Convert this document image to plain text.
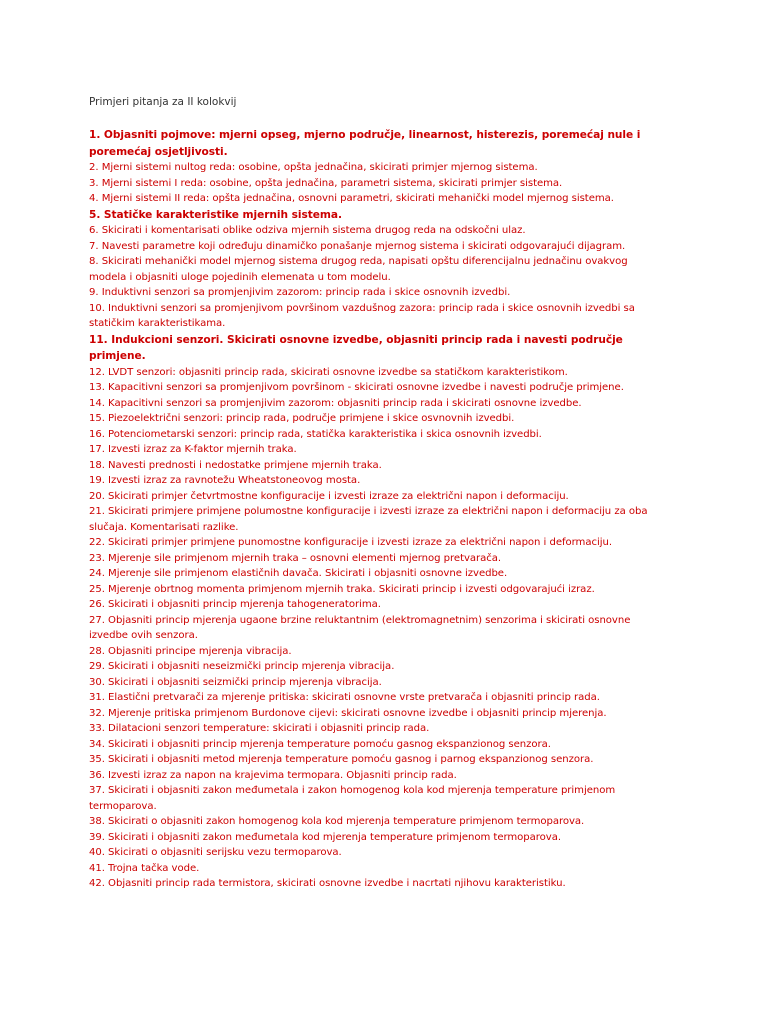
Primjeri pitanja za II kolokvij
1. Objasniti pojmove: mjerni opseg, mjerno područje, linearnost, histerezis, poremećaj nule i poremećaj osjetljivosti.
2. Mjerni sistemi nultog reda: osobine, opšta jednačina, skicirati primjer mjernog sistema.
3. Mjerni sistemi I reda: osobine, opšta jednačina, parametri sistema, skicirati primjer sistema.
4. Mjerni sistemi II reda: opšta jednačina, osnovni parametri, skicirati mehanički model mjernog sistema.
5. Statičke karakteristike mjernih sistema.
6. Skicirati i komentarisati oblike odziva mjernih sistema drugog reda na odskočni ulaz.
7. Navesti parametre koji određuju dinamičko ponašanje mjernog sistema i skicirati odgovarajući dijagram.
8. Skicirati mehanički model mjernog sistema drugog reda, napisati opštu diferencijalnu jednačinu ovakvog modela i objasniti uloge pojedinih elemenata u tom modelu.
9. Induktivni senzori sa promjenjivim zazorom: princip rada i skice osnovnih izvedbi.
10. Induktivni senzori sa promjenjivom površinom vazdušnog zazora: princip rada i skice osnovnih izvedbi sa statičkim karakteristikama.
11. Indukcioni senzori. Skicirati osnovne izvedbe, objasniti princip rada i navesti područje primjene.
12. LVDT senzori: objasniti princip rada, skicirati osnovne izvedbe sa statičkom karakteristikom.
13. Kapacitivni senzori sa promjenjivom površinom - skicirati osnovne izvedbe i navesti područje primjene.
14. Kapacitivni senzori sa promjenjivim zazorom: objasniti princip rada i skicirati osnovne izvedbe.
15. Piezoelektrični senzori: princip rada, područje primjene i skice osvnovnih izvedbi.
16. Potenciometarski senzori: princip rada, statička karakteristika i skica osnovnih izvedbi.
17. Izvesti izraz za K-faktor mjernih traka.
18. Navesti prednosti i nedostatke primjene mjernih traka.
19. Izvesti izraz za ravnotežu Wheatstoneovog mosta.
20. Skicirati primjer četvrtmostne konfiguracije i izvesti izraze za električni napon i deformaciju.
21. Skicirati primjere primjene polumostne konfiguracije i izvesti izraze za električni napon i deformaciju za oba slučaja. Komentarisati razlike.
22. Skicirati primjer primjene punomostne konfiguracije i izvesti izraze za električni napon i deformaciju.
23. Mjerenje sile primjenom mjernih traka – osnovni elementi mjernog pretvarača.
24. Mjerenje sile primjenom elastičnih davača. Skicirati i objasniti osnovne izvedbe.
25. Mjerenje obrtnog momenta primjenom mjernih traka. Skicirati princip i izvesti odgovarajući izraz.
26. Skicirati i objasniti princip mjerenja tahogeneratorima.
27. Objasniti princip mjerenja ugaone brzine reluktantnim (elektromagnetnim) senzorima i skicirati osnovne izvedbe ovih senzora.
28. Objasniti principe mjerenja vibracija.
29. Skicirati i objasniti neseizmički princip mjerenja vibracija.
30. Skicirati i objasniti seizmički princip mjerenja vibracija.
31. Elastični pretvarači za mjerenje pritiska: skicirati osnovne vrste pretvarača i objasniti princip rada.
32. Mjerenje pritiska primjenom Burdonove cijevi: skicirati osnovne izvedbe i objasniti princip mjerenja.
33. Dilatacioni senzori temperature: skicirati i objasniti princip rada.
34. Skicirati i objasniti princip mjerenja temperature pomoću gasnog ekspanzionog senzora.
35. Skicirati i objasniti metod mjerenja temperature pomoću gasnog i parnog ekspanzionog senzora.
36. Izvesti izraz za napon na krajevima termopara. Objasniti princip rada.
37. Skicirati i objasniti zakon međumetala i zakon homogenog kola kod mjerenja temperature primjenom termoparova.
38. Skicirati o objasniti zakon homogenog kola kod mjerenja temperature primjenom termoparova.
39. Skicirati i objasniti zakon međumetala kod mjerenja temperature primjenom termoparova.
40. Skicirati o objasniti serijsku vezu termoparova.
41. Trojna tačka vode.
42. Objasniti princip rada termistora, skicirati osnovne izvedbe i nacrtati njihovu karakteristiku.
